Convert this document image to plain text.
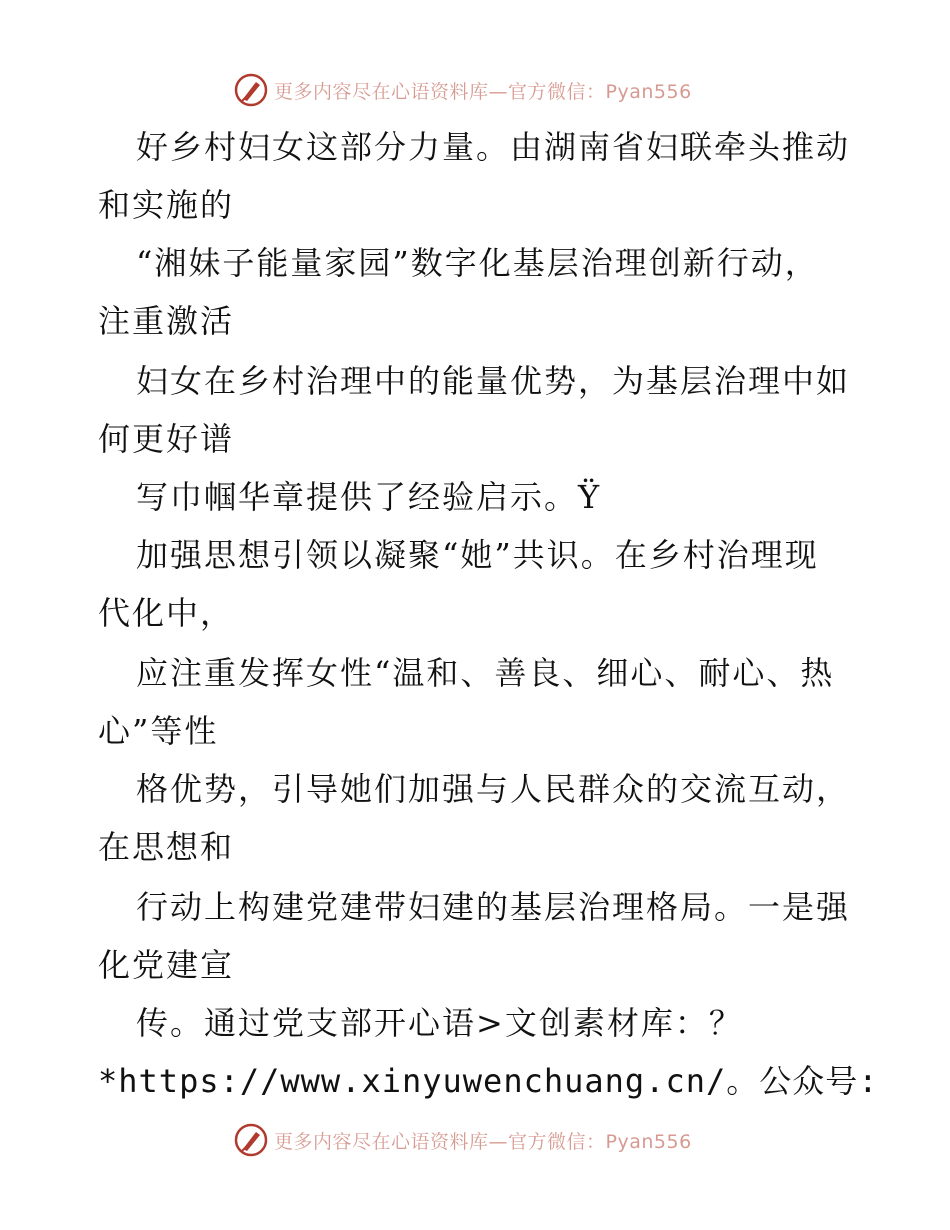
更多内容尽在心语资料库—官方微信：Pyan556
好乡村妇女这部分力量。由湖南省妇联牵头推动
和实施的
“湘妹子能量家园”数字化基层治理创新行动，
注重激活
妇女在乡村治理中的能量优势，为基层治理中如
何更好谱
写巾帼华章提供了经验启示。Ÿ
加强思想引领以凝聚“她”共识。在乡村治理现
代化中，
应注重发挥女性“温和、善良、细心、耐心、热
心”等性
格优势，引导她们加强与人民群众的交流互动，
在思想和
行动上构建党建带妇建的基层治理格局。一是强
化党建宣
传。通过党支部开心语>文创素材库：？
*https://www.xinyuwenchuang.cn/。公众号:
更多内容尽在心语资料库—官方微信：Pyan556
